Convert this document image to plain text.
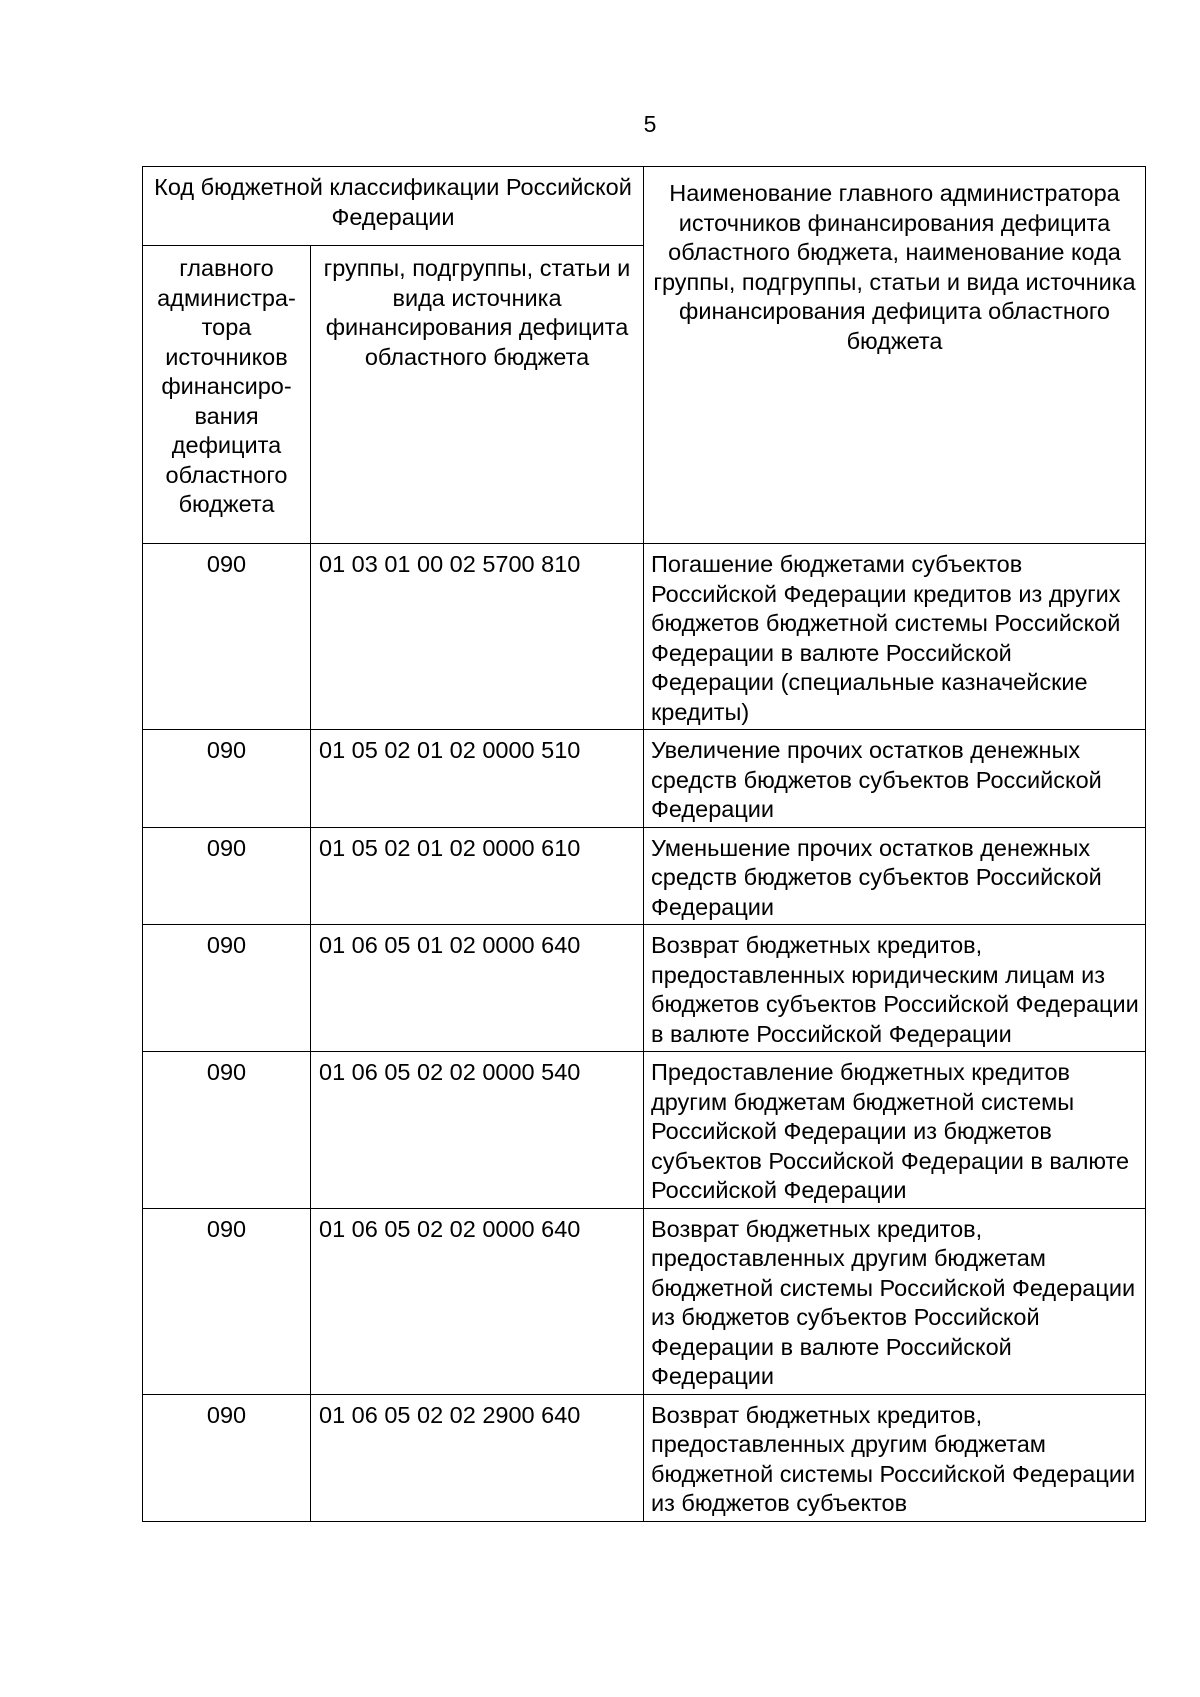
5
Код бюджетной классификации Российской Федерации		Наименование главного администратора источников финансирования дефицита областного бюджета, наименование кода группы, подгруппы, статьи и вида источника финансирования дефицита областного бюджета
главного администра-тора источников финансиро-вания дефицита областного бюджета	группы, подгруппы, статьи и вида источника финансирования дефицита областного бюджета	
090	01 03 01 00 02 5700 810	Погашение бюджетами субъектов Российской Федерации кредитов из других бюджетов бюджетной системы Российской Федерации в валюте Российской Федерации (специальные казначейские кредиты)
090	01 05 02 01 02 0000 510	Увеличение прочих остатков денежных средств бюджетов субъектов Российской Федерации
090	01 05 02 01 02 0000 610	Уменьшение прочих остатков денежных средств бюджетов субъектов Российской Федерации
090	01 06 05 01 02 0000 640	Возврат бюджетных кредитов, предоставленных юридическим лицам из бюджетов субъектов Российской Федерации в валюте Российской Федерации
090	01 06 05 02 02 0000 540	Предоставление бюджетных кредитов другим бюджетам бюджетной системы Российской Федерации из бюджетов субъектов Российской Федерации в валюте Российской Федерации
090	01 06 05 02 02 0000 640	Возврат бюджетных кредитов, предоставленных другим бюджетам бюджетной системы Российской Федерации из бюджетов субъектов Российской Федерации в валюте Российской Федерации
090	01 06 05 02 02 2900 640	Возврат бюджетных кредитов, предоставленных другим бюджетам бюджетной системы Российской Федерации из бюджетов субъектов
